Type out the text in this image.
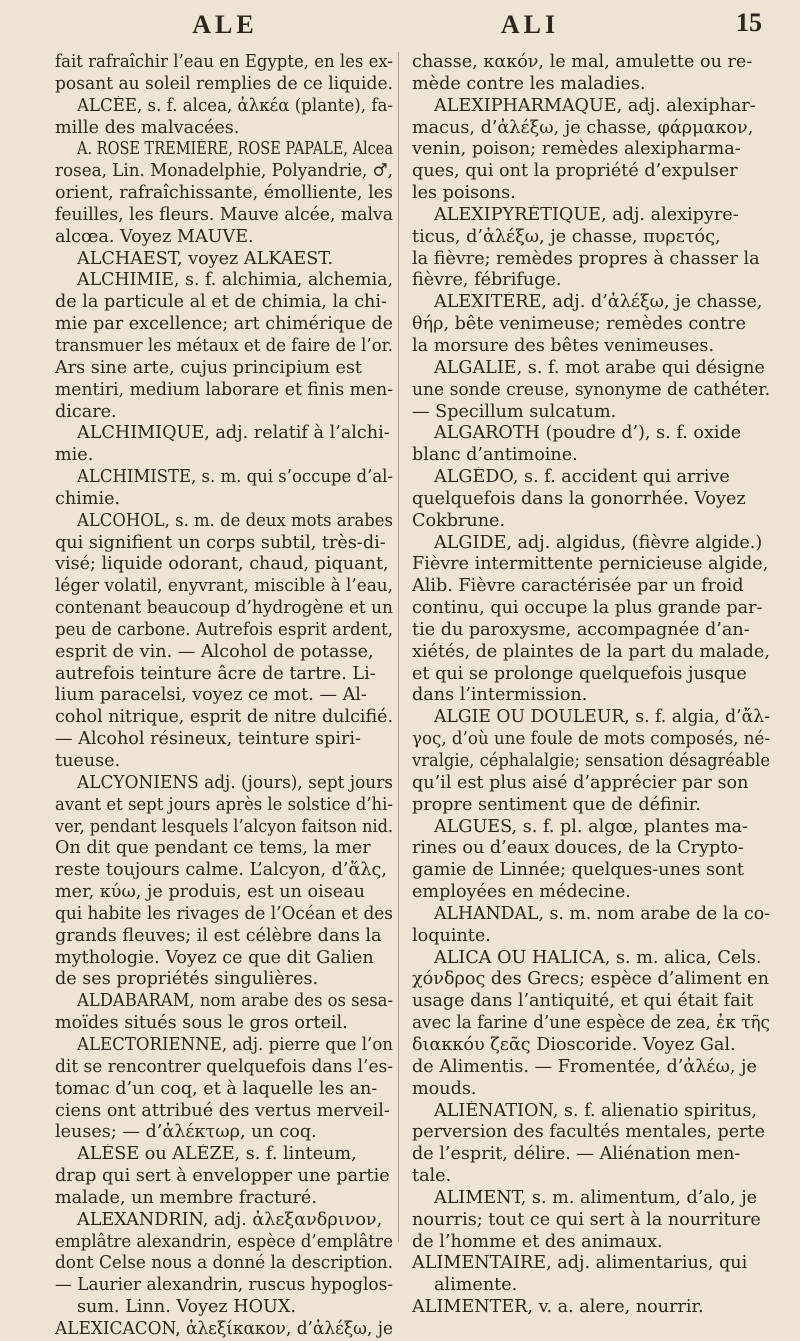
ALE	ALI	15
fait rafraîchir l’eau en Egypte, en les ex-
posant au soleil remplies de ce liquide.
ALCÉE, s. f. alcea, ἀλκέα (plante), fa-
mille des malvacées.
A. ROSE TREMIÈRE, ROSE PAPALE, Alcea
rosea, Lin. Monadelphie, Polyandrie, ♂,
orient, rafraîchissante, émolliente, les
feuilles, les fleurs. Mauve alcée, malva
alcœa. Voyez MAUVE.
ALCHAEST, voyez ALKAEST.
ALCHIMIE, s. f. alchimia, alchemia,
de la particule al et de chimia, la chi-
mie par excellence; art chimérique de
transmuer les métaux et de faire de l’or.
Ars sine arte, cujus principium est
mentiri, medium laborare et finis men-
dicare.
ALCHIMIQUE, adj. relatif à l’alchi-
mie.
ALCHIMISTE, s. m. qui s’occupe d’al-
chimie.
ALCOHOL, s. m. de deux mots arabes
qui signifient un corps subtil, très-di-
visé; liquide odorant, chaud, piquant,
léger volatil, enyvrant, miscible à l’eau,
contenant beaucoup d’hydrogène et un
peu de carbone. Autrefois esprit ardent,
esprit de vin. — Alcohol de potasse,
autrefois teinture âcre de tartre. Li-
lium paracelsi, voyez ce mot. — Al-
cohol nitrique, esprit de nitre dulcifié.
— Alcohol résineux, teinture spiri-
tueuse.
ALCYONIENS adj. (jours), sept jours
avant et sept jours après le solstice d’hi-
ver, pendant lesquels l’alcyon faitson nid.
On dit que pendant ce tems, la mer
reste toujours calme. L’alcyon, d’ἅλς,
mer, κύω, je produis, est un oiseau
qui habite les rivages de l’Océan et des
grands fleuves; il est célèbre dans la
mythologie. Voyez ce que dit Galien
de ses propriétés singulières.
ALDABARAM, nom arabe des os sesa-
moïdes situés sous le gros orteil.
ALECTORIENNE, adj. pierre que l’on
dit se rencontrer quelquefois dans l’es-
tomac d’un coq, et à laquelle les an-
ciens ont attribué des vertus merveil-
leuses; — d’ἀλέκτωρ, un coq.
ALÈSE ou ALÈZE, s. f. linteum,
drap qui sert à envelopper une partie
malade, un membre fracturé.
ALEXANDRIN, adj. ἀλεξανδρινον,
emplâtre alexandrin, espèce d’emplâtre
dont Celse nous a donné la description.
— Laurier alexandrin, ruscus hypoglos-
sum. Linn. Voyez HOUX.
ALEXICACON, ἀλεξίκακον, d’ἀλέξω, je
chasse, κακόν, le mal, amulette ou re-
mède contre les maladies.
ALEXIPHARMAQUE, adj. alexiphar-
macus, d’ἀλέξω, je chasse, φάρμακον,
venin, poison; remèdes alexipharma-
ques, qui ont la propriété d’expulser
les poisons.
ALEXIPYRÉTIQUE, adj. alexipyre-
ticus, d’ἀλέξω, je chasse, πυρετός,
la fièvre; remèdes propres à chasser la
fièvre, fébrifuge.
ALEXITÈRE, adj. d’ἀλέξω, je chasse,
θήρ, bête venimeuse; remèdes contre
la morsure des bêtes venimeuses.
ALGALIE, s. f. mot arabe qui désigne
une sonde creuse, synonyme de cathéter.
— Specillum sulcatum.
ALGAROTH (poudre d’), s. f. oxide
blanc d’antimoine.
ALGÉDO, s. f. accident qui arrive
quelquefois dans la gonorrhée. Voyez
Cokbrune.
ALGIDE, adj. algidus, (fièvre algide.)
Fièvre intermittente pernicieuse algide,
Alib. Fièvre caractérisée par un froid
continu, qui occupe la plus grande par-
tie du paroxysme, accompagnée d’an-
xiétés, de plaintes de la part du malade,
et qui se prolonge quelquefois jusque
dans l’intermission.
ALGIE OU DOULEUR, s. f. algia, d’ἄλ-
γος, d’où une foule de mots composés, né-
vralgie, céphalalgie; sensation désagréable
qu’il est plus aisé d’apprécier par son
propre sentiment que de définir.
ALGUES, s. f. pl. algœ, plantes ma-
rines ou d’eaux douces, de la Crypto-
gamie de Linnée; quelques-unes sont
employées en médecine.
ALHANDAL, s. m. nom arabe de la co-
loquinte.
ALICA OU HALICA, s. m. alica, Cels.
χόνδρος des Grecs; espèce d’aliment en
usage dans l’antiquité, et qui était fait
avec la farine d’une espèce de zea, ἐκ τῆς
διακκόυ ζεᾶς Dioscoride. Voyez Gal.
de Alimentis. — Fromentée, d’ἀλέω, je
mouds.
ALIÉNATION, s. f. alienatio spiritus,
perversion des facultés mentales, perte
de l’esprit, délire. — Aliénation men-
tale.
ALIMENT, s. m. alimentum, d’alo, je
nourris; tout ce qui sert à la nourriture
de l’homme et des animaux.
ALIMENTAIRE, adj. alimentarius, qui
alimente.
ALIMENTER, v. a. alere, nourrir.
